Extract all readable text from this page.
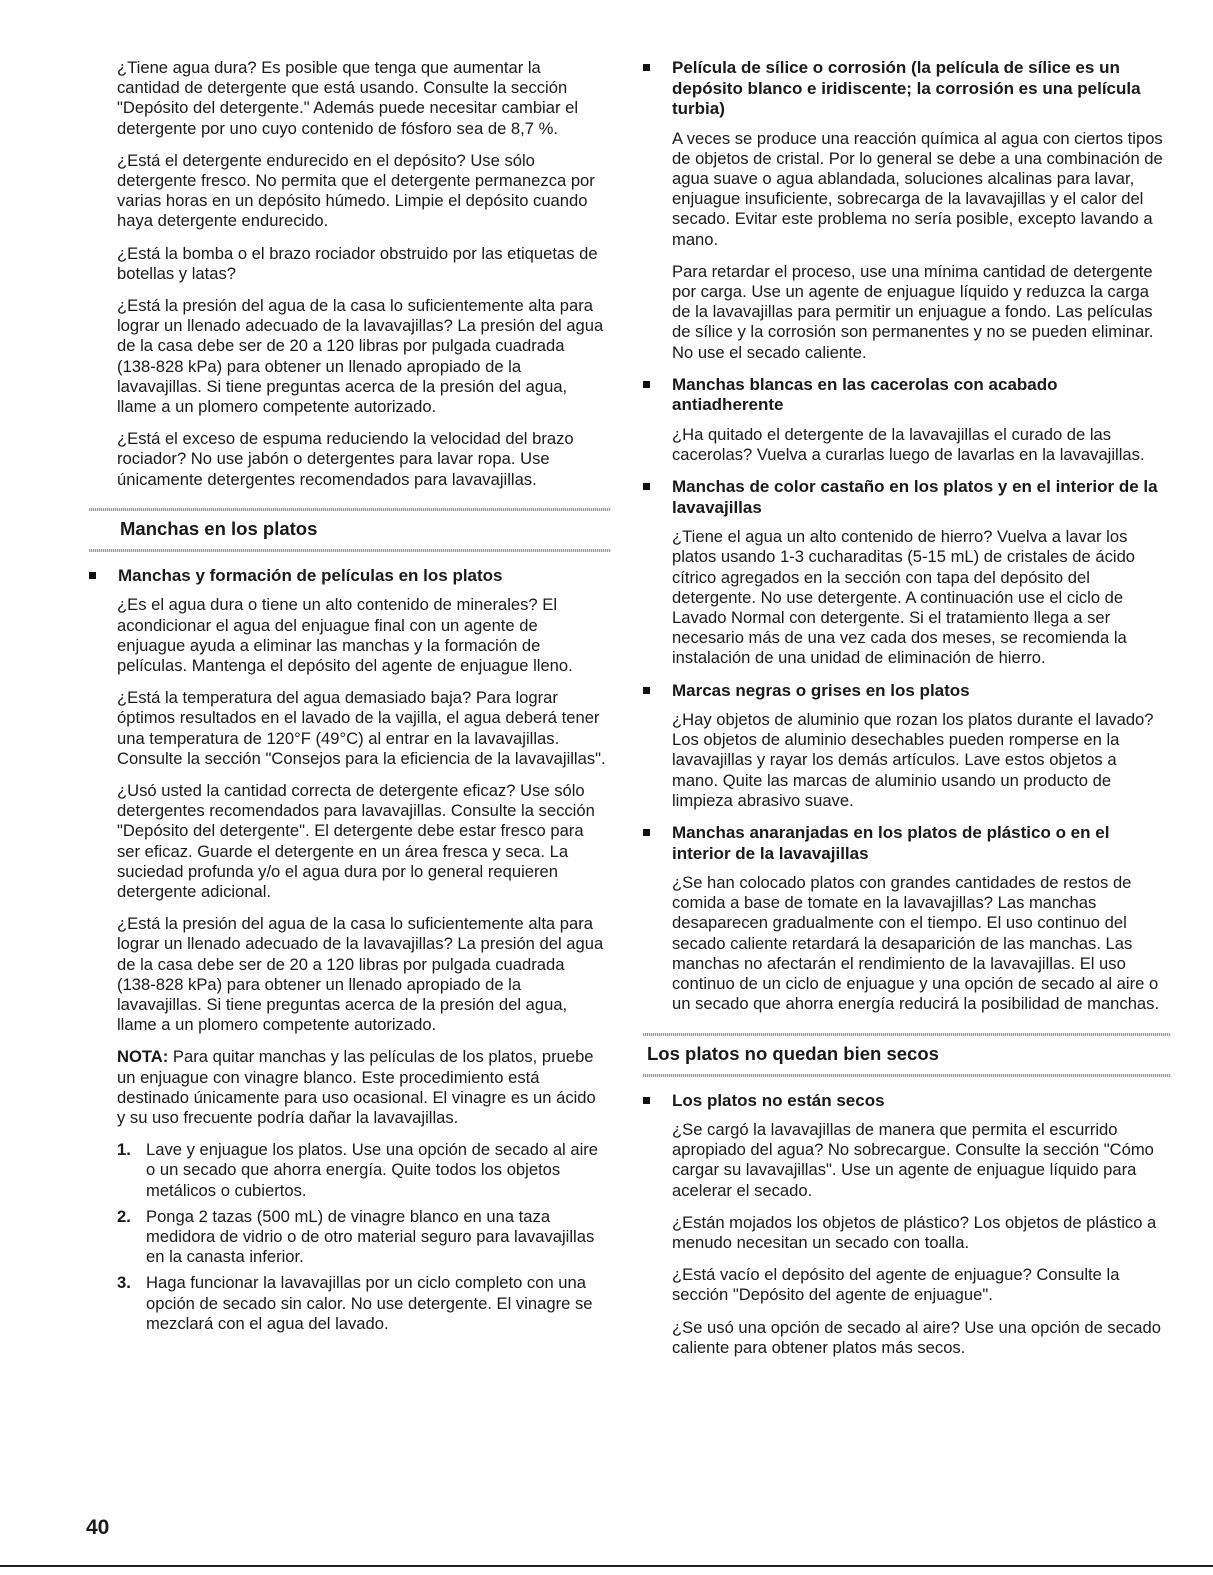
¿Tiene agua dura? Es posible que tenga que aumentar la cantidad de detergente que está usando. Consulte la sección "Depósito del detergente." Además puede necesitar cambiar el detergente por uno cuyo contenido de fósforo sea de 8,7 %.

¿Está el detergente endurecido en el depósito? Use sólo detergente fresco. No permita que el detergente permanezca por varias horas en un depósito húmedo. Limpie el depósito cuando haya detergente endurecido.

¿Está la bomba o el brazo rociador obstruido por las etiquetas de botellas y latas?

¿Está la presión del agua de la casa lo suficientemente alta para lograr un llenado adecuado de la lavavajillas? La presión del agua de la casa debe ser de 20 a 120 libras por pulgada cuadrada (138-828 kPa) para obtener un llenado apropiado de la lavavajillas. Si tiene preguntas acerca de la presión del agua, llame a un plomero competente autorizado.

¿Está el exceso de espuma reduciendo la velocidad del brazo rociador? No use jabón o detergentes para lavar ropa. Use únicamente detergentes recomendados para lavavajillas.

Manchas en los platos
Manchas y formación de películas en los platos

¿Es el agua dura o tiene un alto contenido de minerales? El acondicionar el agua del enjuague final con un agente de enjuague ayuda a eliminar las manchas y la formación de películas. Mantenga el depósito del agente de enjuague lleno.

¿Está la temperatura del agua demasiado baja? Para lograr óptimos resultados en el lavado de la vajilla, el agua deberá tener una temperatura de 120°F (49°C) al entrar en la lavavajillas. Consulte la sección "Consejos para la eficiencia de la lavavajillas".

¿Usó usted la cantidad correcta de detergente eficaz? Use sólo detergentes recomendados para lavavajillas. Consulte la sección "Depósito del detergente". El detergente debe estar fresco para ser eficaz. Guarde el detergente en un área fresca y seca. La suciedad profunda y/o el agua dura por lo general requieren detergente adicional.

¿Está la presión del agua de la casa lo suficientemente alta para lograr un llenado adecuado de la lavavajillas? La presión del agua de la casa debe ser de 20 a 120 libras por pulgada cuadrada (138-828 kPa) para obtener un llenado apropiado de la lavavajillas. Si tiene preguntas acerca de la presión del agua, llame a un plomero competente autorizado.

NOTA: Para quitar manchas y las películas de los platos, pruebe un enjuague con vinagre blanco. Este procedimiento está destinado únicamente para uso ocasional. El vinagre es un ácido y su uso frecuente podría dañar la lavavajillas.

1. Lave y enjuague los platos. Use una opción de secado al aire o un secado que ahorra energía. Quite todos los objetos metálicos o cubiertos.
2. Ponga 2 tazas (500 mL) de vinagre blanco en una taza medidora de vidrio o de otro material seguro para lavavajillas en la canasta inferior.
3. Haga funcionar la lavavajillas por un ciclo completo con una opción de secado sin calor. No use detergente. El vinagre se mezclará con el agua del lavado.
Película de sílice o corrosión (la película de sílice es un depósito blanco e iridiscente; la corrosión es una película turbia)

A veces se produce una reacción química al agua con ciertos tipos de objetos de cristal. Por lo general se debe a una combinación de agua suave o agua ablandada, soluciones alcalinas para lavar, enjuague insuficiente, sobrecarga de la lavavajillas y el calor del secado. Evitar este problema no sería posible, excepto lavando a mano.

Para retardar el proceso, use una mínima cantidad de detergente por carga. Use un agente de enjuague líquido y reduzca la carga de la lavavajillas para permitir un enjuague a fondo. Las películas de sílice y la corrosión son permanentes y no se pueden eliminar. No use el secado caliente.

Manchas blancas en las cacerolas con acabado antiadherente

¿Ha quitado el detergente de la lavavajillas el curado de las cacerolas? Vuelva a curarlas luego de lavarlas en la lavavajillas.

Manchas de color castaño en los platos y en el interior de la lavavajillas

¿Tiene el agua un alto contenido de hierro? Vuelva a lavar los platos usando 1-3 cucharaditas (5-15 mL) de cristales de ácido cítrico agregados en la sección con tapa del depósito del detergente. No use detergente. A continuación use el ciclo de Lavado Normal con detergente. Si el tratamiento llega a ser necesario más de una vez cada dos meses, se recomienda la instalación de una unidad de eliminación de hierro.

Marcas negras o grises en los platos

¿Hay objetos de aluminio que rozan los platos durante el lavado? Los objetos de aluminio desechables pueden romperse en la lavavajillas y rayar los demás artículos. Lave estos objetos a mano. Quite las marcas de aluminio usando un producto de limpieza abrasivo suave.

Manchas anaranjadas en los platos de plástico o en el interior de la lavavajillas

¿Se han colocado platos con grandes cantidades de restos de comida a base de tomate en la lavavajillas? Las manchas desaparecen gradualmente con el tiempo. El uso continuo del secado caliente retardará la desaparición de las manchas. Las manchas no afectarán el rendimiento de la lavavajillas. El uso continuo de un ciclo de enjuague y una opción de secado al aire o un secado que ahorra energía reducirá la posibilidad de manchas.

Los platos no quedan bien secos
Los platos no están secos

¿Se cargó la lavavajillas de manera que permita el escurrido apropiado del agua? No sobrecargue. Consulte la sección "Cómo cargar su lavavajillas". Use un agente de enjuague líquido para acelerar el secado.

¿Están mojados los objetos de plástico? Los objetos de plástico a menudo necesitan un secado con toalla.

¿Está vacío el depósito del agente de enjuague? Consulte la sección "Depósito del agente de enjuague".

¿Se usó una opción de secado al aire? Use una opción de secado caliente para obtener platos más secos.

40
